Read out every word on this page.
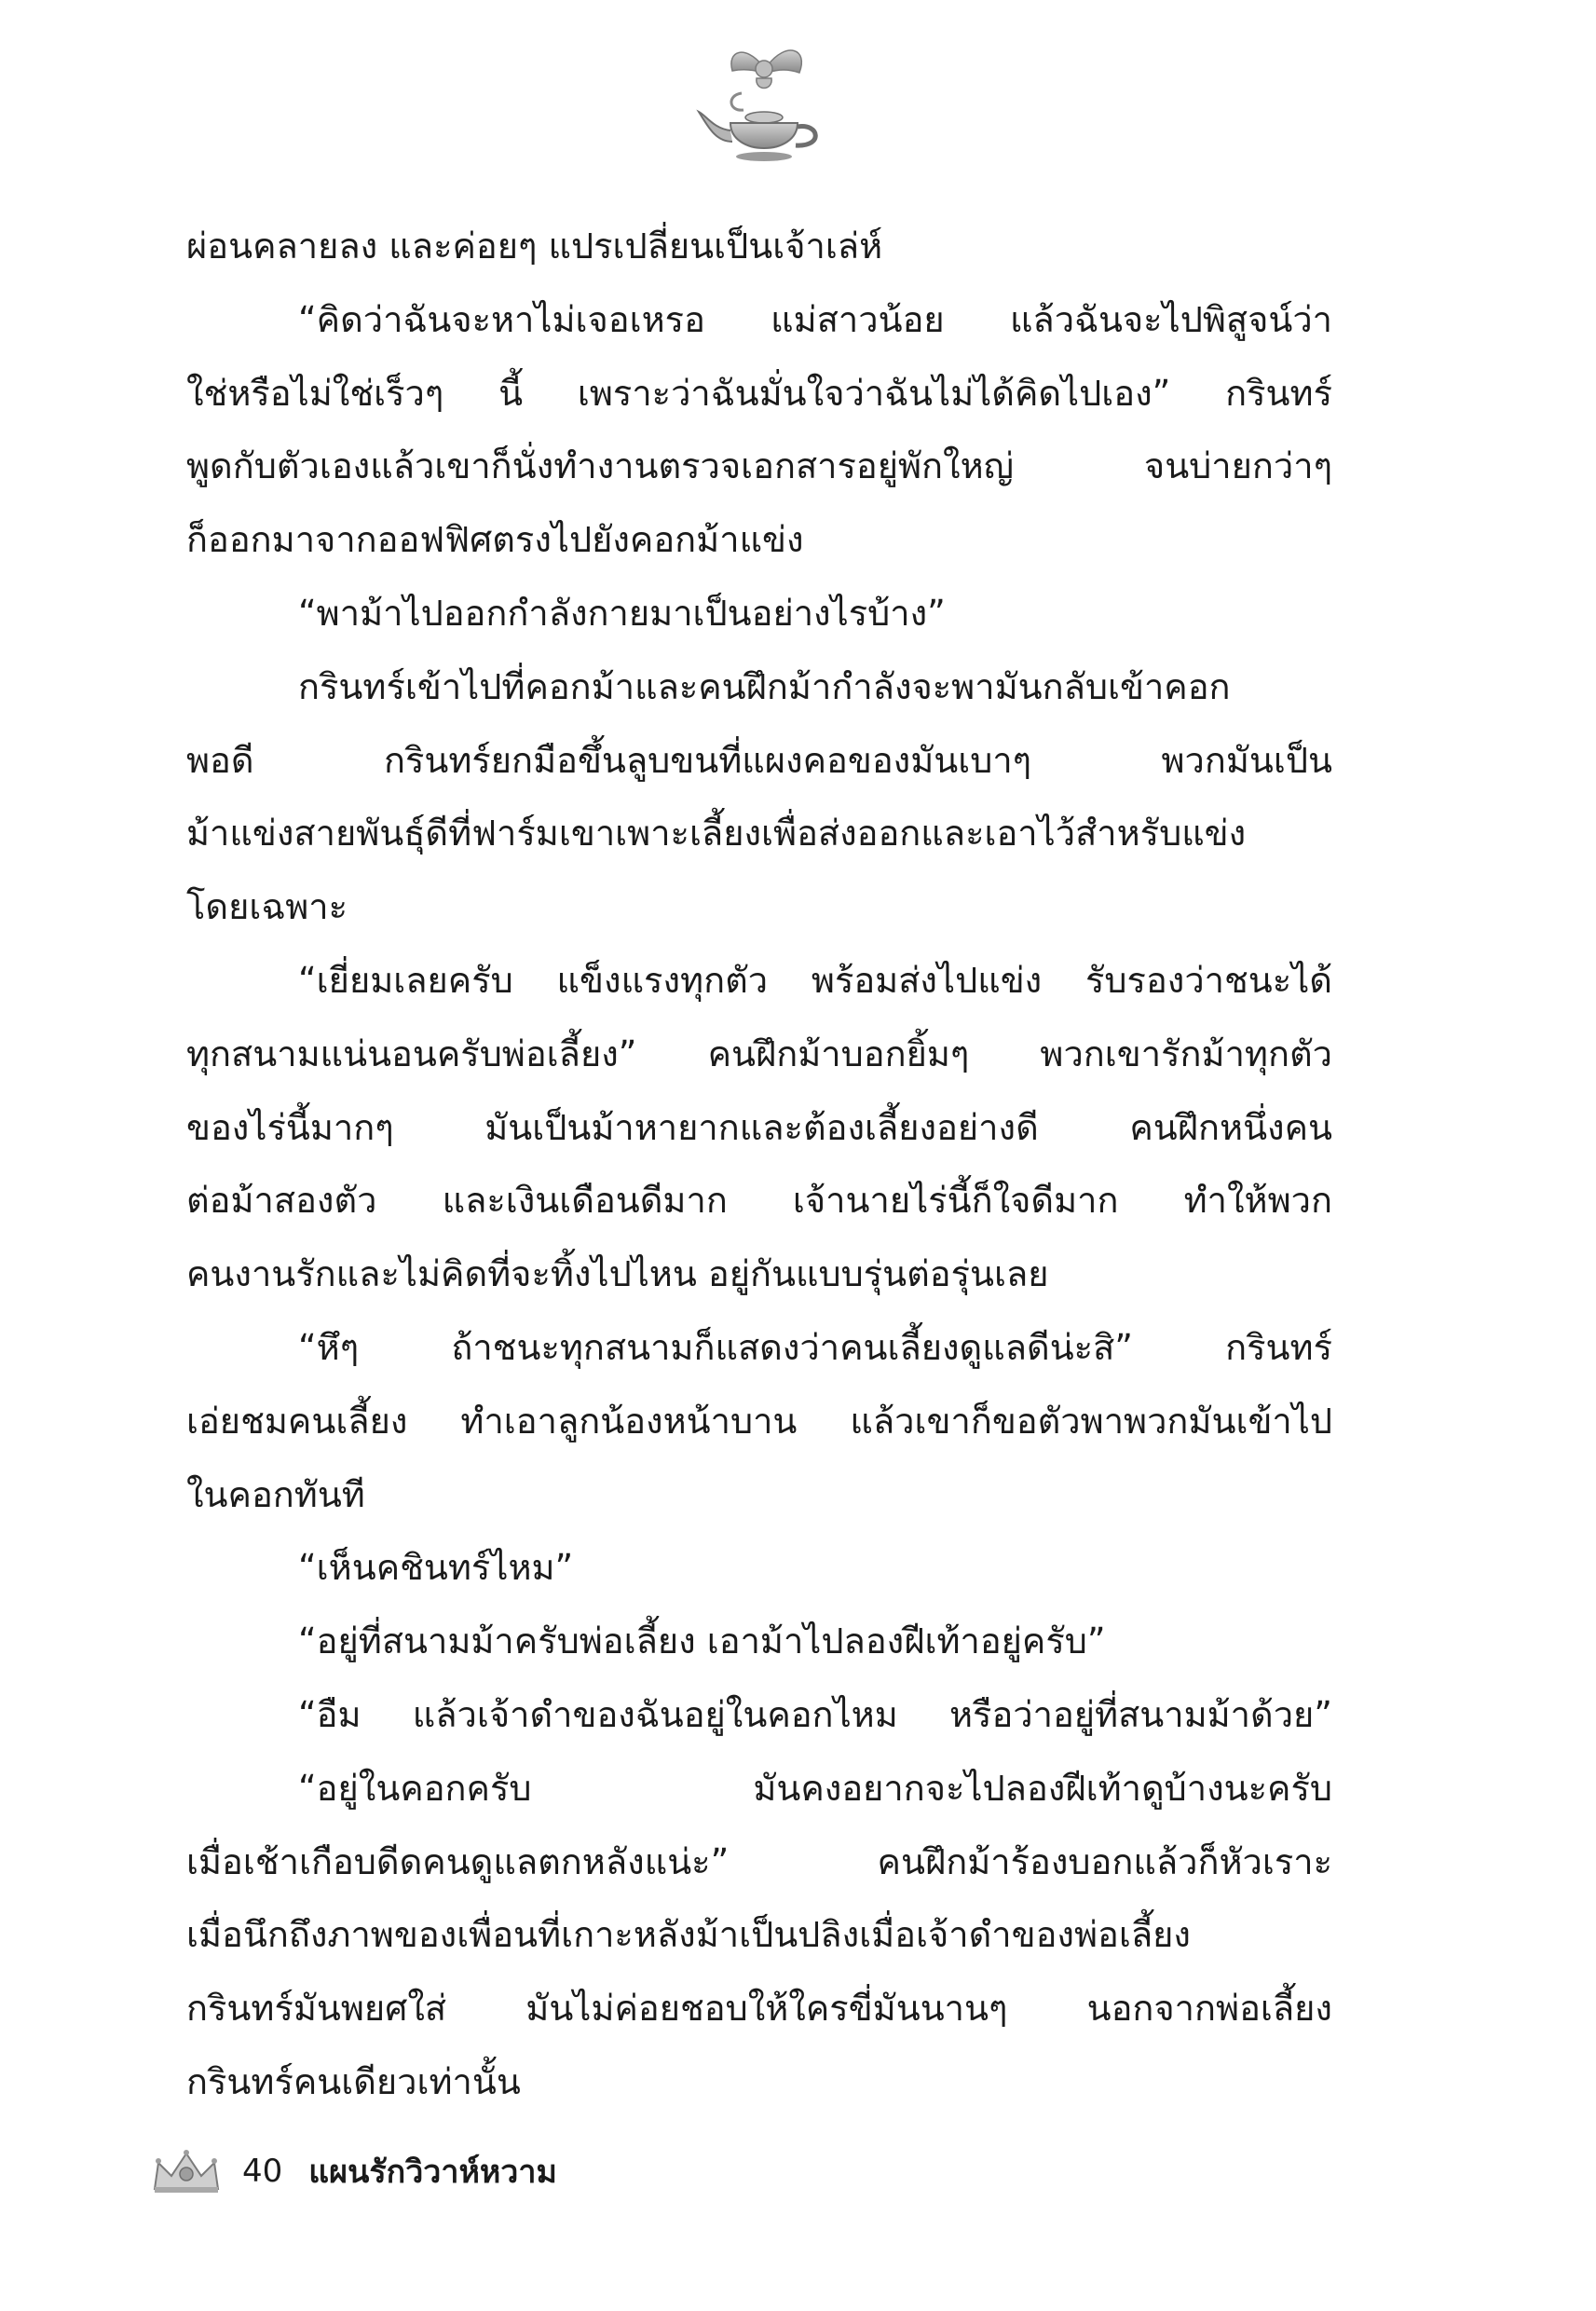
ผ่อนคลายลง และค่อยๆ แปรเปลี่ยนเป็นเจ้าเล่ห์
“คิดว่าฉันจะหาไม่เจอเหรอ แม่สาวน้อย แล้วฉันจะไปพิสูจน์ว่า
ใช่หรือไม่ใช่เร็วๆ นี้ เพราะว่าฉันมั่นใจว่าฉันไม่ได้คิดไปเอง” กรินทร์
พูดกับตัวเองแล้วเขาก็นั่งทำงานตรวจเอกสารอยู่พักใหญ่ จนบ่ายกว่าๆ
ก็ออกมาจากออฟฟิศตรงไปยังคอกม้าแข่ง
“พาม้าไปออกกำลังกายมาเป็นอย่างไรบ้าง”
กรินทร์เข้าไปที่คอกม้าและคนฝึกม้ากำลังจะพามันกลับเข้าคอก
พอดี กรินทร์ยกมือขึ้นลูบขนที่แผงคอของมันเบาๆ พวกมันเป็น
ม้าแข่งสายพันธุ์ดีที่ฟาร์มเขาเพาะเลี้ยงเพื่อส่งออกและเอาไว้สำหรับแข่ง
โดยเฉพาะ
“เยี่ยมเลยครับ แข็งแรงทุกตัว พร้อมส่งไปแข่ง รับรองว่าชนะได้
ทุกสนามแน่นอนครับพ่อเลี้ยง” คนฝึกม้าบอกยิ้มๆ พวกเขารักม้าทุกตัว
ของไร่นี้มากๆ มันเป็นม้าหายากและต้องเลี้ยงอย่างดี คนฝึกหนึ่งคน
ต่อม้าสองตัว และเงินเดือนดีมาก เจ้านายไร่นี้ก็ใจดีมาก ทำให้พวก
คนงานรักและไม่คิดที่จะทิ้งไปไหน อยู่กันแบบรุ่นต่อรุ่นเลย
“หึๆ ถ้าชนะทุกสนามก็แสดงว่าคนเลี้ยงดูแลดีน่ะสิ” กรินทร์
เอ่ยชมคนเลี้ยง ทำเอาลูกน้องหน้าบาน แล้วเขาก็ขอตัวพาพวกมันเข้าไป
ในคอกทันที
“เห็นคชินทร์ไหม”
“อยู่ที่สนามม้าครับพ่อเลี้ยง เอาม้าไปลองฝีเท้าอยู่ครับ”
“อืม แล้วเจ้าดำของฉันอยู่ในคอกไหม หรือว่าอยู่ที่สนามม้าด้วย”
“อยู่ในคอกครับ มันคงอยากจะไปลองฝีเท้าดูบ้างนะครับ
เมื่อเช้าเกือบดีดคนดูแลตกหลังแน่ะ” คนฝึกม้าร้องบอกแล้วก็หัวเราะ
เมื่อนึกถึงภาพของเพื่อนที่เกาะหลังม้าเป็นปลิงเมื่อเจ้าดำของพ่อเลี้ยง
กรินทร์มันพยศใส่ มันไม่ค่อยชอบให้ใครขี่มันนานๆ นอกจากพ่อเลี้ยง
กรินทร์คนเดียวเท่านั้น
40 แผนรักวิวาห์หวาม
